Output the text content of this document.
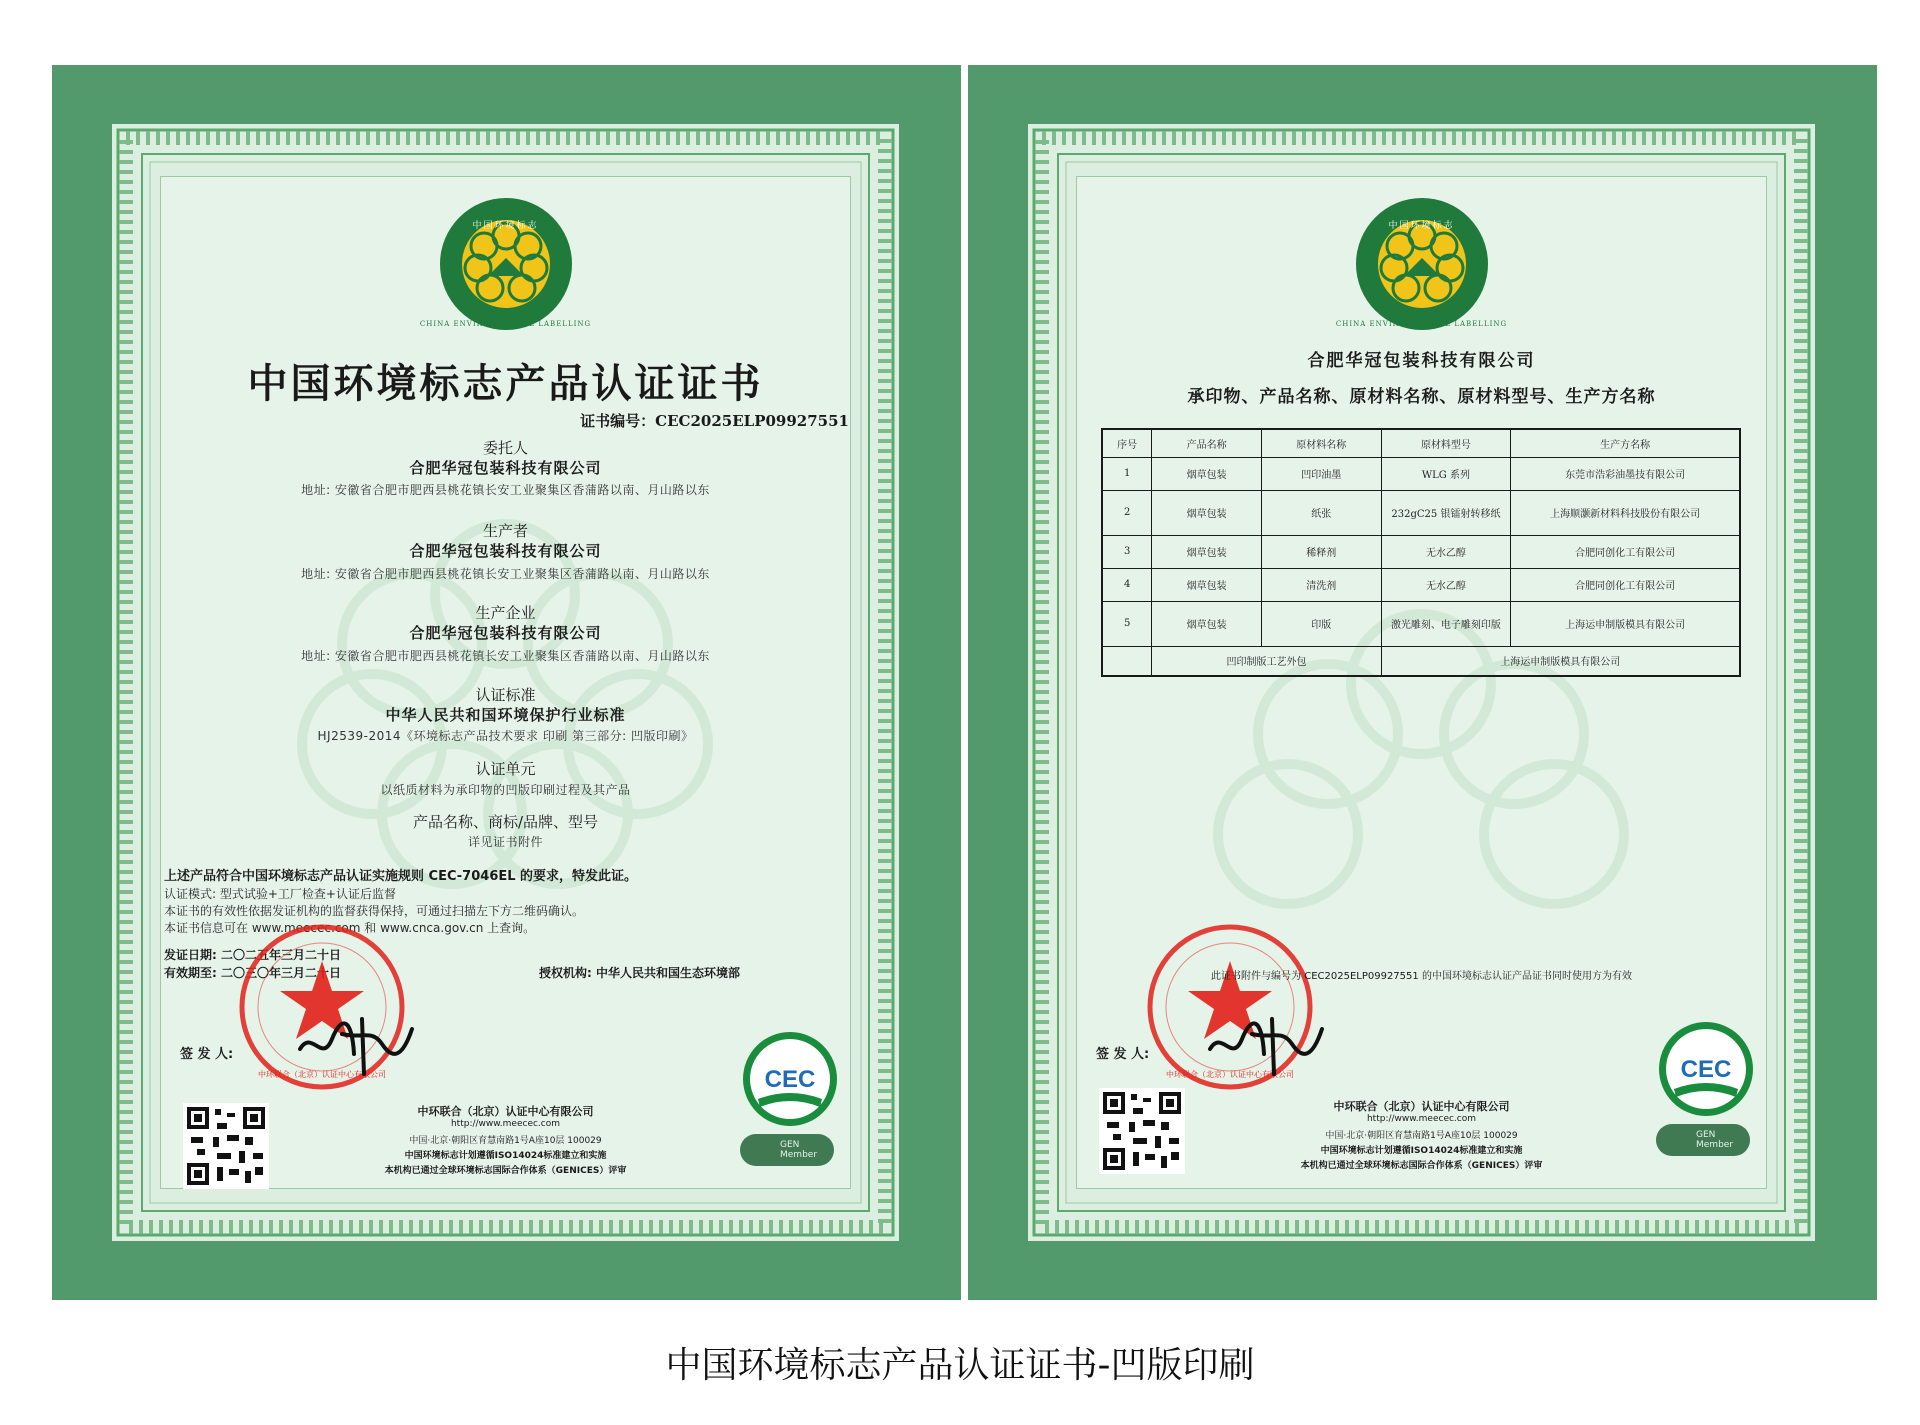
中国环境标志
CHINA ENVIRONMENTAL LABELLING
中国环境标志产品认证证书
证书编号：CEC2025ELP09927551
委托人
合肥华冠包装科技有限公司
地址: 安徽省合肥市肥西县桃花镇长安工业聚集区香蒲路以南、月山路以东
生产者
合肥华冠包装科技有限公司
地址: 安徽省合肥市肥西县桃花镇长安工业聚集区香蒲路以南、月山路以东
生产企业
合肥华冠包装科技有限公司
地址: 安徽省合肥市肥西县桃花镇长安工业聚集区香蒲路以南、月山路以东
认证标准
中华人民共和国环境保护行业标准
HJ2539-2014《环境标志产品技术要求 印刷 第三部分: 凹版印刷》
认证单元
以纸质材料为承印物的凹版印刷过程及其产品
产品名称、商标/品牌、型号
详见证书附件
上述产品符合中国环境标志产品认证实施规则 CEC-7046EL 的要求，特发此证。
认证模式: 型式试验+工厂检查+认证后监督
本证书的有效性依据发证机构的监督获得保持，可通过扫描左下方二维码确认。
本证书信息可在 www.meecec.com 和 www.cnca.gov.cn 上查询。
发证日期: 二〇二五年三月二十日
有效期至: 二〇三〇年三月二十日	授权机构: 中华人民共和国生态环境部
中环联合（北京）认证中心有限公司
签 发 人:
中环联合（北京）认证中心有限公司
http://www.meecec.com
中国·北京·朝阳区育慧南路1号A座10层 100029
中国环境标志计划遵循ISO14024标准建立和实施
本机构已通过全球环境标志国际合作体系（GENICES）评审
CEC
GEN Member
中国环境标志
CHINA ENVIRONMENTAL LABELLING
合肥华冠包装科技有限公司
承印物、产品名称、原材料名称、原材料型号、生产方名称
序号	产品名称	原材料名称	原材料型号	生产方名称
1	烟草包装	凹印油墨	WLG 系列	东莞市浩彩油墨技有限公司
2	烟草包装	纸张	232gC25 银镭射转移纸	上海顺灏新材料科技股份有限公司
3	烟草包装	稀释剂	无水乙醇	合肥同创化工有限公司
4	烟草包装	清洗剂	无水乙醇	合肥同创化工有限公司
5	烟草包装	印版	激光雕刻、电子雕刻印版	上海运申制版模具有限公司
	凹印制版工艺外包		上海运申制版模具有限公司	
中环联合（北京）认证中心有限公司
此证书附件与编号为 CEC2025ELP09927551 的中国环境标志认证产品证书同时使用方为有效
签 发 人:
中环联合（北京）认证中心有限公司
http://www.meecec.com
中国·北京·朝阳区育慧南路1号A座10层 100029
中国环境标志计划遵循ISO14024标准建立和实施
本机构已通过全球环境标志国际合作体系（GENICES）评审
CEC
GEN Member
中国环境标志产品认证证书-凹版印刷
